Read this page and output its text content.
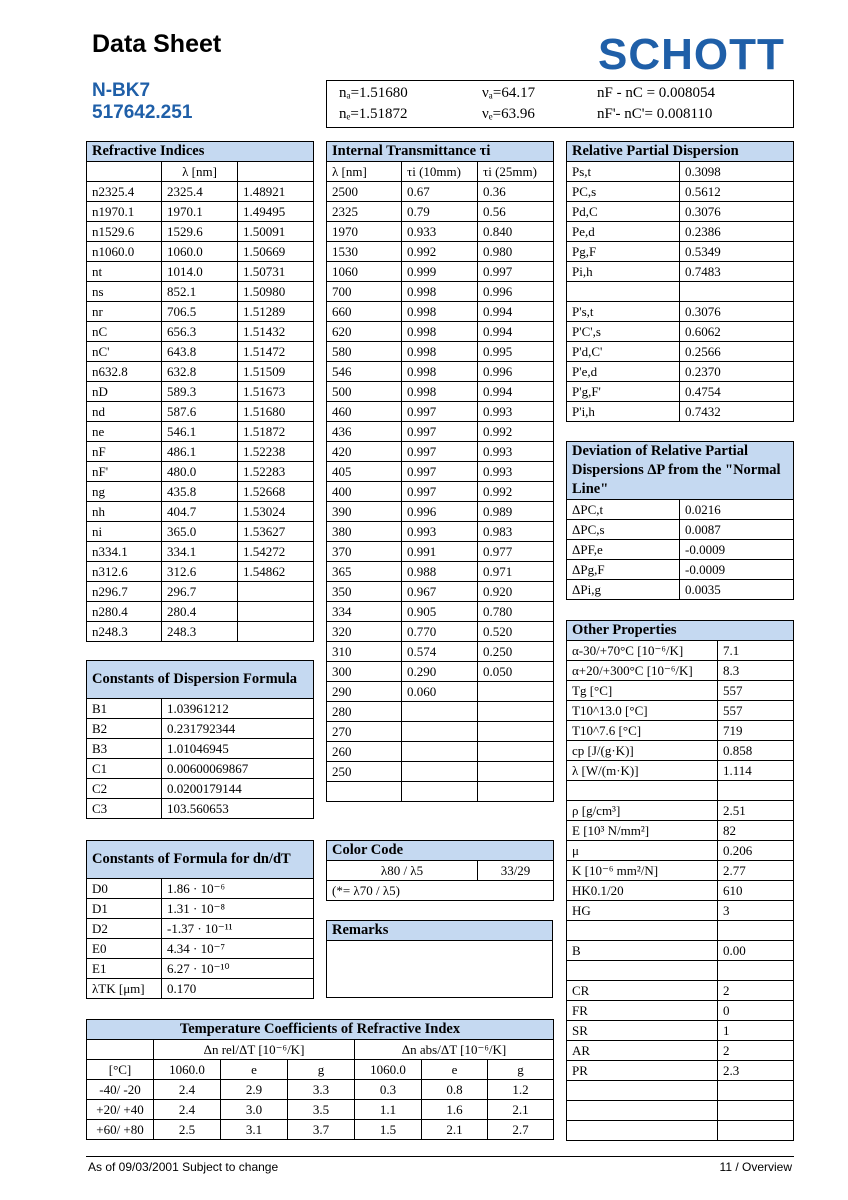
Data Sheet	SCHOTT
N-BK7
517642.251
nₐ=1.51680
nₑ=1.51872
νₐ=64.17
νₑ=63.96
nF - nC = 0.008054
nF'- nC'= 0.008110
Refractive Indices		
	λ [nm]	
n2325.4	2325.4	1.48921
n1970.1	1970.1	1.49495
n1529.6	1529.6	1.50091
n1060.0	1060.0	1.50669
nt	1014.0	1.50731
ns	852.1	1.50980
nr	706.5	1.51289
nC	656.3	1.51432
nC'	643.8	1.51472
n632.8	632.8	1.51509
nD	589.3	1.51673
nd	587.6	1.51680
ne	546.1	1.51872
nF	486.1	1.52238
nF'	480.0	1.52283
ng	435.8	1.52668
nh	404.7	1.53024
ni	365.0	1.53627
n334.1	334.1	1.54272
n312.6	312.6	1.54862
n296.7	296.7	
n280.4	280.4	
n248.3	248.3	
Internal Transmittance τi		
λ [nm]	τi (10mm)	τi (25mm)
2500	0.67	0.36
2325	0.79	0.56
1970	0.933	0.840
1530	0.992	0.980
1060	0.999	0.997
700	0.998	0.996
660	0.998	0.994
620	0.998	0.994
580	0.998	0.995
546	0.998	0.996
500	0.998	0.994
460	0.997	0.993
436	0.997	0.992
420	0.997	0.993
405	0.997	0.993
400	0.997	0.992
390	0.996	0.989
380	0.993	0.983
370	0.991	0.977
365	0.988	0.971
350	0.967	0.920
334	0.905	0.780
320	0.770	0.520
310	0.574	0.250
300	0.290	0.050
290	0.060	
280		
270		
260		
250		

Relative Partial Dispersion	
Ps,t	0.3098
PC,s	0.5612
Pd,C	0.3076
Pe,d	0.2386
Pg,F	0.5349
Pi,h	0.7483

P's,t	0.3076
P'C',s	0.6062
P'd,C'	0.2566
P'e,d	0.2370
P'g,F'	0.4754
P'i,h	0.7432
Deviation of Relative Partial Dispersions ΔP from the "Normal Line"	
ΔPC,t	0.0216
ΔPC,s	0.0087
ΔPF,e	-0.0009
ΔPg,F	-0.0009
ΔPi,g	0.0035
Other Properties	
α-30/+70°C [10⁻⁶/K]	7.1
α+20/+300°C [10⁻⁶/K]	8.3
Tg [°C]	557
T10^13.0 [°C]	557
T10^7.6 [°C]	719
cp [J/(g·K)]	0.858
λ [W/(m·K)]	1.114

ρ [g/cm³]	2.51
E [10³ N/mm²]	82
μ	0.206
K [10⁻⁶ mm²/N]	2.77
HK0.1/20	610
HG	3

B	0.00

CR	2
FR	0
SR	1
AR	2
PR	2.3

Constants of Dispersion Formula	
B1	1.03961212
B2	0.231792344
B3	1.01046945
C1	0.00600069867
C2	0.0200179144
C3	103.560653
Constants of Formula for dn/dT	
D0	1.86 · 10⁻⁶
D1	1.31 · 10⁻⁸
D2	-1.37 · 10⁻¹¹
E0	4.34 · 10⁻⁷
E1	6.27 · 10⁻¹⁰
λTK [μm]	0.170
Color Code
λ80 / λ5	33/29
(*= λ70 / λ5)
Remarks

Temperature Coefficients of Refractive Index						
	Δn rel/ΔT [10⁻⁶/K]			Δn abs/ΔT [10⁻⁶/K]		
[°C]	1060.0	e	g	1060.0	e	g
-40/ -20	2.4	2.9	3.3	0.3	0.8	1.2
+20/ +40	2.4	3.0	3.5	1.1	1.6	2.1
+60/ +80	2.5	3.1	3.7	1.5	2.1	2.7
As of 09/03/2001 Subject to change	11 / Overview
